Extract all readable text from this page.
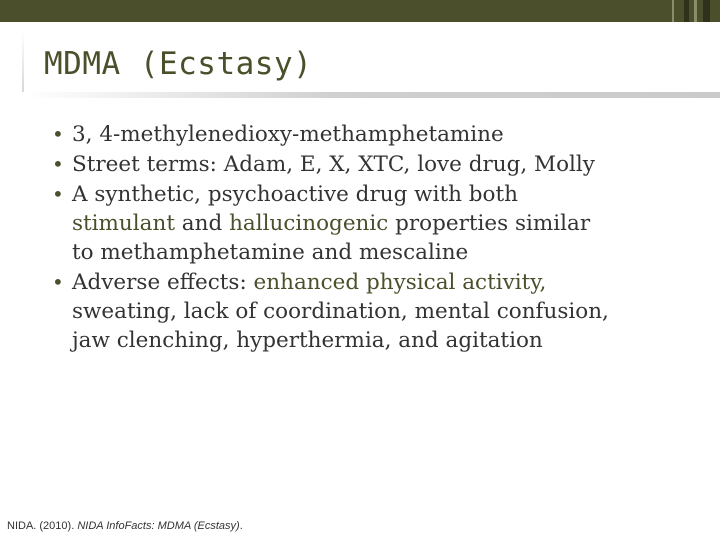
MDMA (Ecstasy)
• 3, 4-methylenedioxy-methamphetamine
• Street terms: Adam, E, X, XTC, love drug, Molly
• A synthetic, psychoactive drug with both
stimulant and hallucinogenic properties similar
to methamphetamine and mescaline
• Adverse effects: enhanced physical activity,
sweating, lack of coordination, mental confusion,
jaw clenching, hyperthermia, and agitation
NIDA. (2010). NIDA InfoFacts: MDMA (Ecstasy).
